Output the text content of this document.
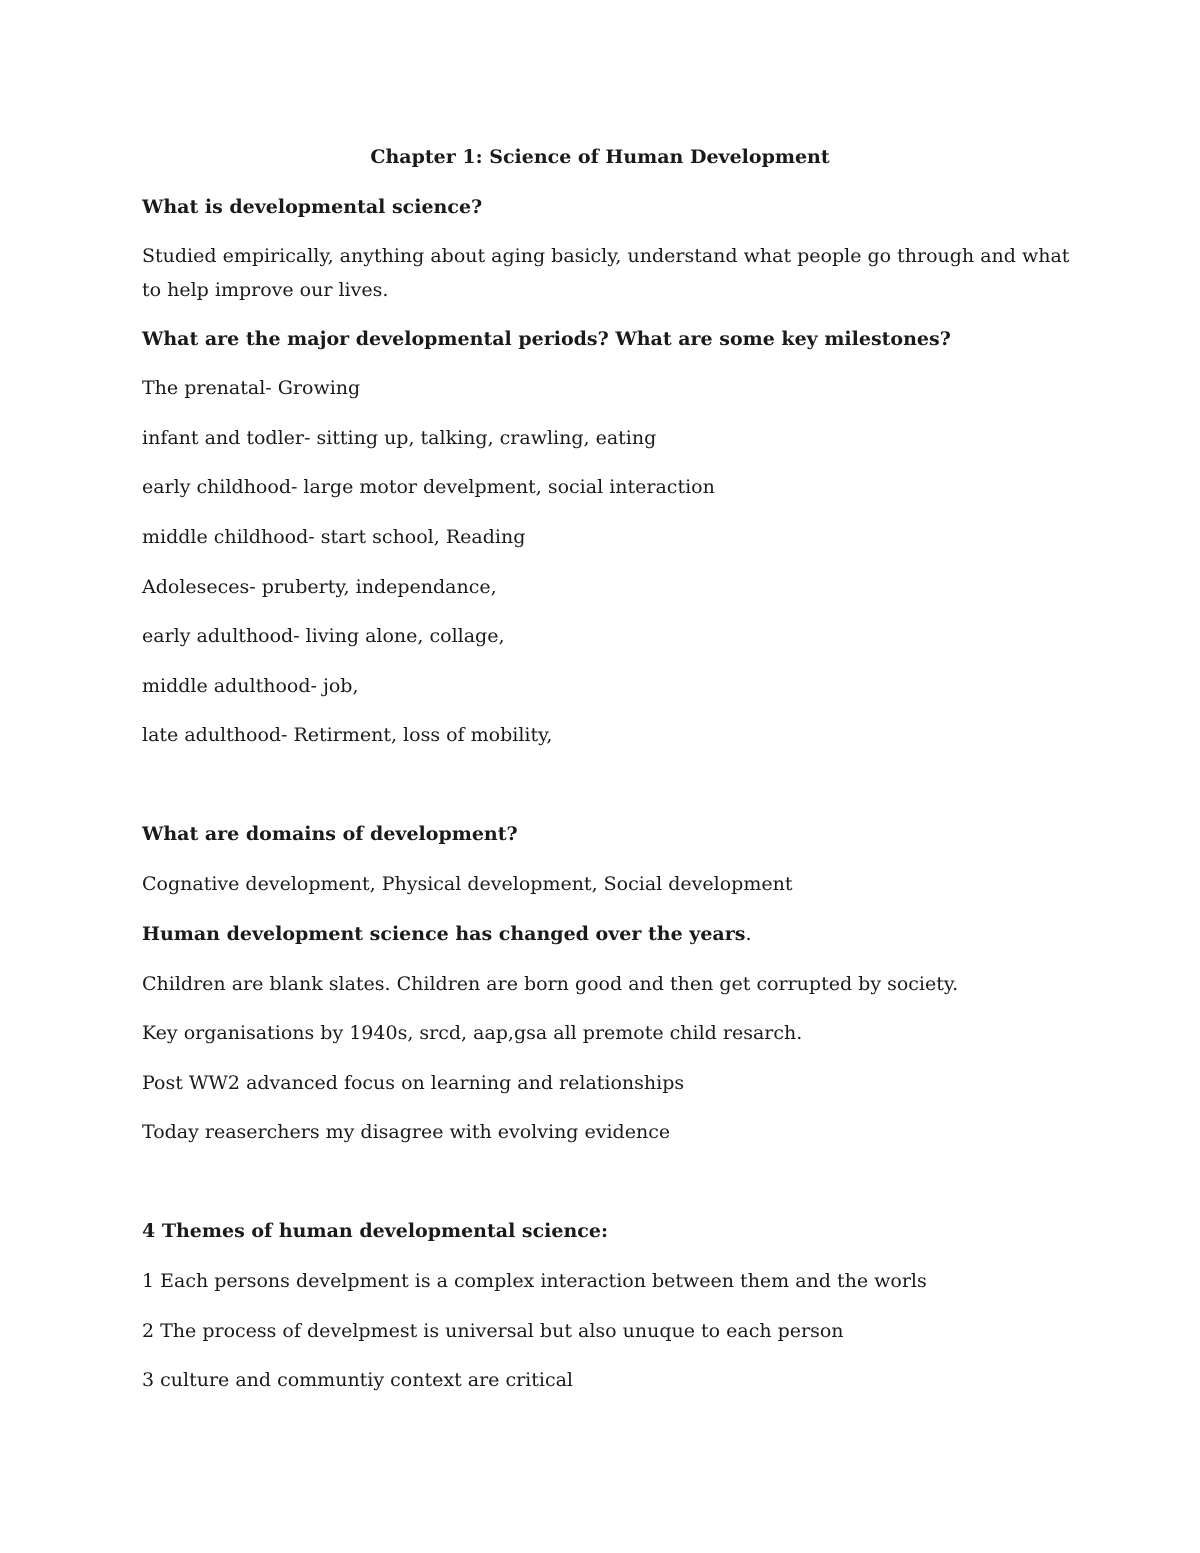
Chapter 1: Science of Human Development

What is developmental science?

Studied empirically, anything about aging basicly, understand what people go through and what

to help improve our lives.

What are the major developmental periods? What are some key milestones?

The prenatal- Growing

infant and todler- sitting up, talking, crawling, eating

early childhood- large motor develpment, social interaction

middle childhood- start school, Reading

Adoleseces- pruberty, independance,

early adulthood- living alone, collage,

middle adulthood- job,

late adulthood- Retirment, loss of mobility,

What are domains of development?

Cognative development, Physical development, Social development

Human development science has changed over the years.

Children are blank slates. Children are born good and then get corrupted by society.

Key organisations by 1940s, srcd, aap,gsa all premote child resarch.

Post WW2 advanced focus on learning and relationships

Today reaserchers my disagree with evolving evidence

4 Themes of human developmental science:

1 Each persons develpment is a complex interaction between them and the worls

2 The process of develpmest is universal but also unuque to each person

3 culture and communtiy context are critical
